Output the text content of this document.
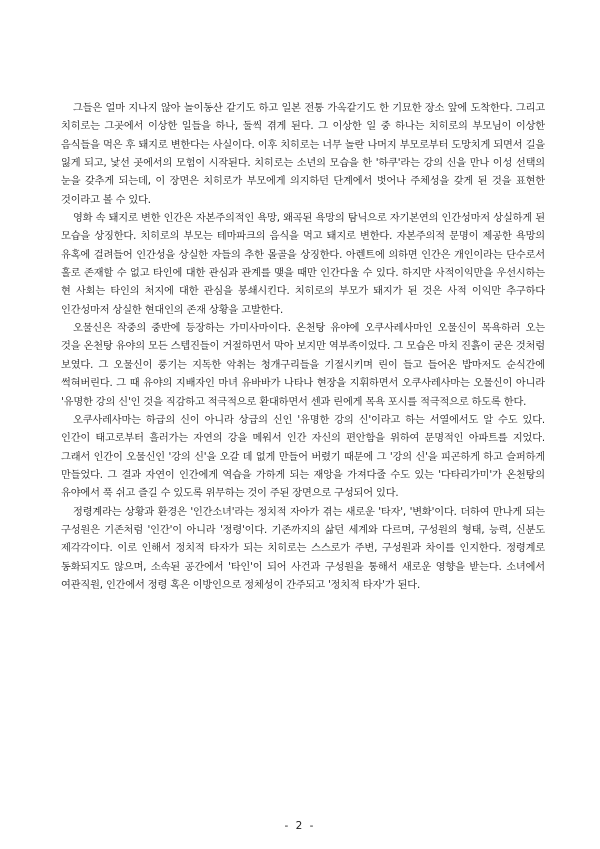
그들은 얼마 지나지 않아 놀이동산 같기도 하고 일본 전통 가옥같기도 한 기묘한 장소 앞에 도착한다. 그리고 치히로는 그곳에서 이상한 일들을 하나, 둘씩 겪게 된다. 그 이상한 일 중 하나는 치히로의 부모님이 이상한 음식들을 먹은 후 돼지로 변한다는 사실이다. 이후 치히로는 너무 놀란 나머지 부모로부터 도망치게 되면서 길을 잃게 되고, 낯선 곳에서의 모험이 시작된다. 치히로는 소년의 모습을 한 '하쿠'라는 강의 신을 만나 이성 선택의 눈을 갖추게 되는데, 이 장면은 치히로가 부모에게 의지하던 단계에서 벗어나 주체성을 갖게 된 것을 표현한 것이라고 볼 수 있다.

영화 속 돼지로 변한 인간은 자본주의적인 욕망, 왜곡된 욕망의 탐닉으로 자기본연의 인간성마저 상실하게 된 모습을 상징한다. 치히로의 부모는 테마파크의 음식을 먹고 돼지로 변한다. 자본주의적 문명이 제공한 욕망의 유혹에 걸려들어 인간성을 상실한 자들의 추한 몰골을 상징한다. 아렌트에 의하면 인간은 개인이라는 단수로서 홀로 존재할 수 없고 타인에 대한 관심과 관계를 맺을 때만 인간다울 수 있다. 하지만 사적이익만을 우선시하는 현 사회는 타인의 처지에 대한 관심을 봉쇄시킨다. 치히로의 부모가 돼지가 된 것은 사적 이익만 추구하다 인간성마저 상실한 현대인의 존재 상황을 고발한다.

오물신은 작중의 중반에 등장하는 가미사마이다. 온천탕 유야에 오쿠사레사마인 오물신이 목욕하러 오는 것을 온천탕 유야의 모든 스텝진들이 거절하면서 막아 보지만 역부족이었다. 그 모습은 마치 진흙이 굳은 것처럼 보였다. 그 오물신이 풍기는 지독한 악취는 청개구리들을 기절시키며 린이 들고 들어온 밥마저도 순식간에 썩혀버린다. 그 때 유야의 지배자인 마녀 유바바가 나타나 현장을 지휘하면서 오쿠사레사마는 오물신이 아니라 '유명한 강의 신'인 것을 직감하고 적극적으로 환대하면서 센과 린에게 목욕 포시를 적극적으로 하도록 한다.

오쿠사레사마는 하급의 신이 아니라 상급의 신인 '유명한 강의 신'이라고 하는 서열에서도 알 수도 있다. 인간이 태고로부터 흘러가는 자연의 강을 메워서 인간 자신의 편안함을 위하여 문명적인 아파트를 지었다. 그래서 인간이 오물신인 '강의 신'을 오갈 데 없게 만들어 버렸기 때문에 그 '강의 신'을 피곤하게 하고 슬퍼하게 만들었다. 그 결과 자연이 인간에게 역습을 가하게 되는 재앙을 가져다줄 수도 있는 '다타리가미'가 온천탕의 유야에서 푹 쉬고 즐길 수 있도록 위무하는 것이 주된 장면으로 구성되어 있다.

정령계라는 상황과 환경은 '인간소녀'라는 정치적 자아가 겪는 새로운 '타자', '변화'이다. 더하여 만나게 되는 구성원은 기존처럼 '인간'이 아니라 '정령'이다. 기존까지의 삶던 세계와 다르며, 구성원의 형태, 능력, 신분도 제각각이다. 이로 인해서 정치적 타자가 되는 치히로는 스스로가 주변, 구성원과 차이를 인지한다. 정령계로 동화되지도 않으며, 소속된 공간에서 '타인'이 되어 사건과 구성원을 통해서 새로운 영향을 받는다. 소녀에서 여관직원, 인간에서 정령 혹은 이방인으로 정체성이 간주되고 '정치적 타자'가 된다.

- 2 -
